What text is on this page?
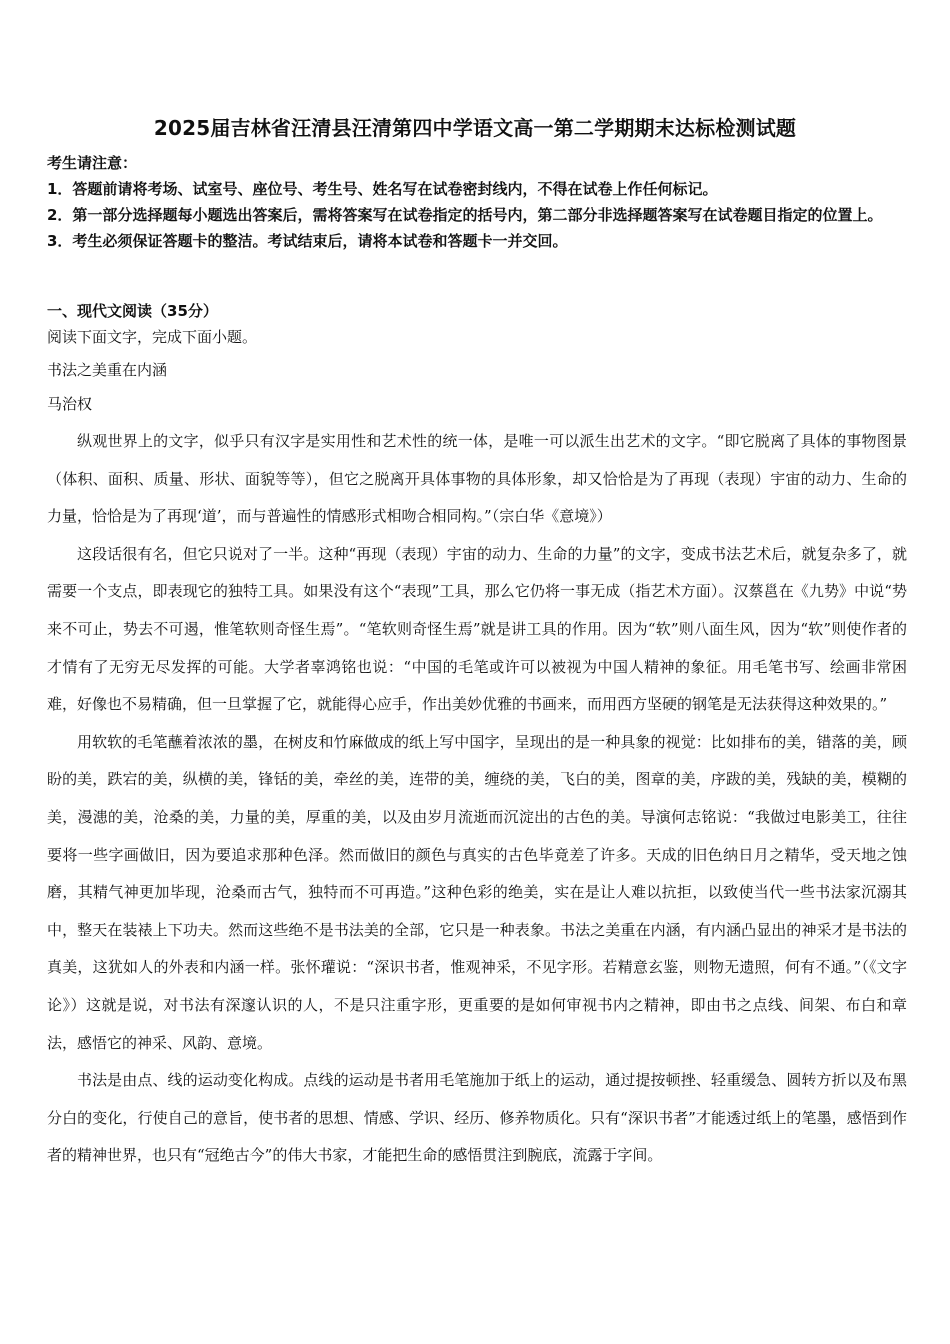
2025届吉林省汪清县汪清第四中学语文高一第二学期期末达标检测试题

考生请注意：

1．答题前请将考场、试室号、座位号、考生号、姓名写在试卷密封线内，不得在试卷上作任何标记。

2．第一部分选择题每小题选出答案后，需将答案写在试卷指定的括号内，第二部分非选择题答案写在试卷题目指定的位置上。

3．考生必须保证答题卡的整洁。考试结束后，请将本试卷和答题卡一并交回。

一、现代文阅读（35分）
阅读下面文字，完成下面小题。
书法之美重在内涵
马治权

纵观世界上的文字，似乎只有汉字是实用性和艺术性的统一体，是唯一可以派生出艺术的文字。“即它脱离了具体的事物图景（体积、面积、质量、形状、面貌等等），但它之脱离开具体事物的具体形象，却又恰恰是为了再现（表现）宇宙的动力、生命的力量，恰恰是为了再现‘道’，而与普遍性的情感形式相吻合相同构。”（宗白华《意境》）

这段话很有名，但它只说对了一半。这种“再现（表现）宇宙的动力、生命的力量”的文字，变成书法艺术后，就复杂多了，就需要一个支点，即表现它的独特工具。如果没有这个“表现”工具，那么它仍将一事无成（指艺术方面）。汉蔡邕在《九势》中说“势来不可止，势去不可遏，惟笔软则奇怪生焉”。“笔软则奇怪生焉”就是讲工具的作用。因为“软”则八面生风，因为“软”则使作者的才情有了无穷无尽发挥的可能。大学者辜鸿铭也说：“中国的毛笔或许可以被视为中国人精神的象征。用毛笔书写、绘画非常困难，好像也不易精确，但一旦掌握了它，就能得心应手，作出美妙优雅的书画来，而用西方坚硬的钢笔是无法获得这种效果的。”

用软软的毛笔蘸着浓浓的墨，在树皮和竹麻做成的纸上写中国字，呈现出的是一种具象的视觉：比如排布的美，错落的美，顾盼的美，跌宕的美，纵横的美，锋铦的美，牵丝的美，连带的美，缠绕的美，飞白的美，图章的美，序跋的美，残缺的美，模糊的美，漫漶的美，沧桑的美，力量的美，厚重的美，以及由岁月流逝而沉淀出的古色的美。导演何志铭说：“我做过电影美工，往往要将一些字画做旧，因为要追求那种色泽。然而做旧的颜色与真实的古色毕竟差了许多。天成的旧色纳日月之精华，受天地之蚀磨，其精气神更加毕现，沧桑而古气，独特而不可再造。”这种色彩的绝美，实在是让人难以抗拒，以致使当代一些书法家沉溺其中，整天在装裱上下功夫。然而这些绝不是书法美的全部，它只是一种表象。书法之美重在内涵，有内涵凸显出的神采才是书法的真美，这犹如人的外表和内涵一样。张怀瓘说：“深识书者，惟观神采，不见字形。若精意玄鉴，则物无遗照，何有不通。”（《文字论》）这就是说，对书法有深邃认识的人，不是只注重字形，更重要的是如何审视书内之精神，即由书之点线、间架、布白和章法，感悟它的神采、风韵、意境。

书法是由点、线的运动变化构成。点线的运动是书者用毛笔施加于纸上的运动，通过提按顿挫、轻重缓急、圆转方折以及布黑分白的变化，行使自己的意旨，使书者的思想、情感、学识、经历、修养物质化。只有“深识书者”才能透过纸上的笔墨，感悟到作者的精神世界，也只有“冠绝古今”的伟大书家，才能把生命的感悟贯注到腕底，流露于字间。
